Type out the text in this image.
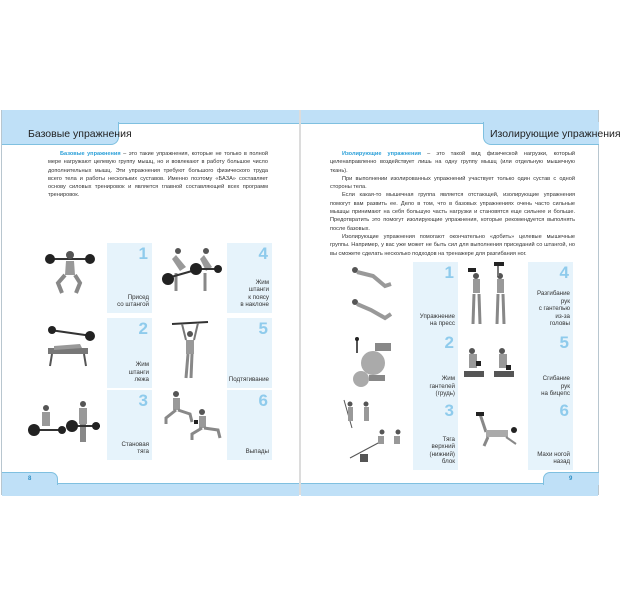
Базовые упражнения	Изолирующие упражнения

Базовые упражнения – это такие упражнения, которые не только в полной мере нагружают целевую группу мышц, но и вовлекают в работу большое число дополнительных мышц. Эти упражнения требуют большого физического труда всего тела и работы нескольких суставов. Именно поэтому «БАЗА» составляет основу силовых тренировок и является главной составляющей всех программ тренировок.

Изолирующие упражнения – это такой вид физической нагрузки, который целенаправленно воздействует лишь на одну группу мышц (или отдельную мышечную ткань).

При выполнении изолированных упражнений участвует только один сустав с одной стороны тела.

Если какая-то мышечная группа является отстающей, изолирующие упражнения помогут вам развить ее. Дело в том, что в базовых упражнениях очень часто сильные мышцы принимают на себя большую часть нагрузки и становятся еще сильнее и больше. Предотвратить это помогут изолирующие упражнения, которые рекомендуется выполнять после базовых.

Изолирующие упражнения помогают окончательно «добить» целевые мышечные группы. Например, у вас уже может не быть сил для выполнения приседаний со штангой, но вы сможете сделать несколько подходов на тренажере для разгибания ног.

1
Присед
со штангой
2
Жим
штанги
лежа
3
Становая
тяга
4
Жим
штанги
к поясу
в наклоне
5
Подтягивание
6
Выпады
1
Упражнение
на пресс
2
Жим
гантелей
(грудь)
3
Тяга
верхний
(нижний)
блок
4
Разгибание
рук
с гантелью
из-за
головы
5
Сгибание
рук
на бицепс
6
Махи ногой
назад
8	9
